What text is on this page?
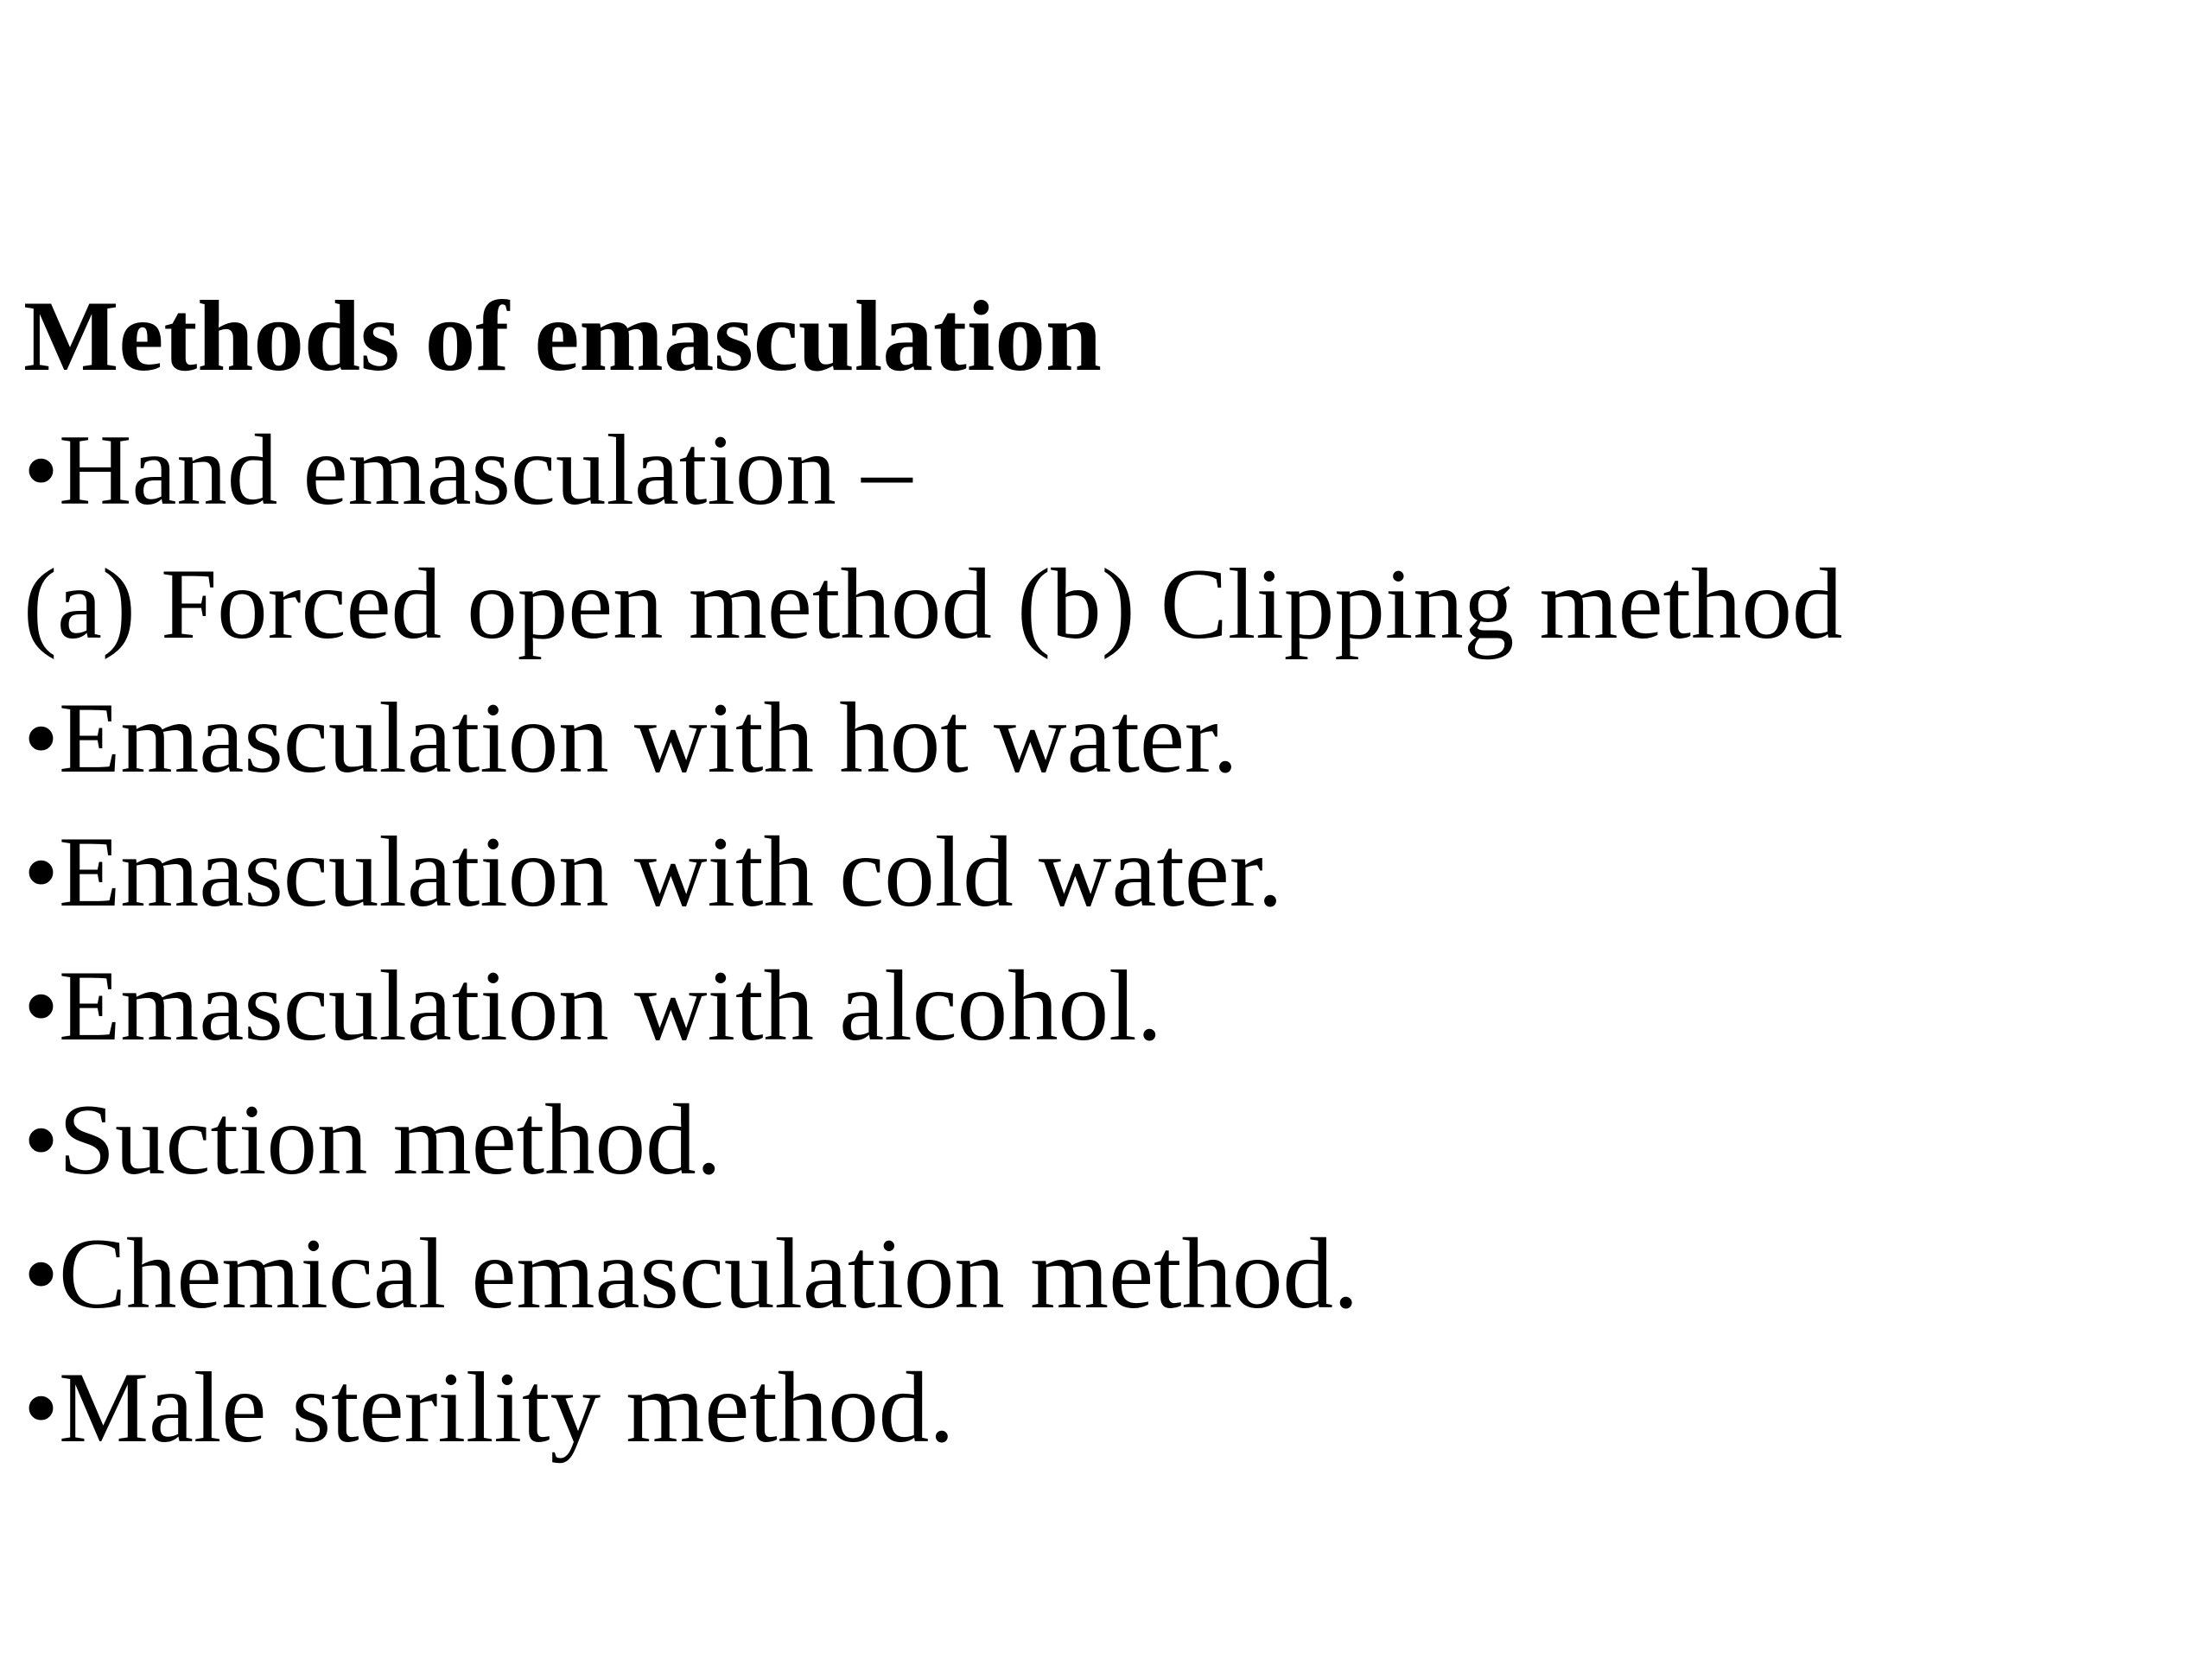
Methods of emasculation
•Hand emasculation –
(a) Forced open method (b) Clipping method
•Emasculation with hot water.
•Emasculation with cold water.
•Emasculation with alcohol.
•Suction method.
•Chemical emasculation method.
•Male sterility method.
